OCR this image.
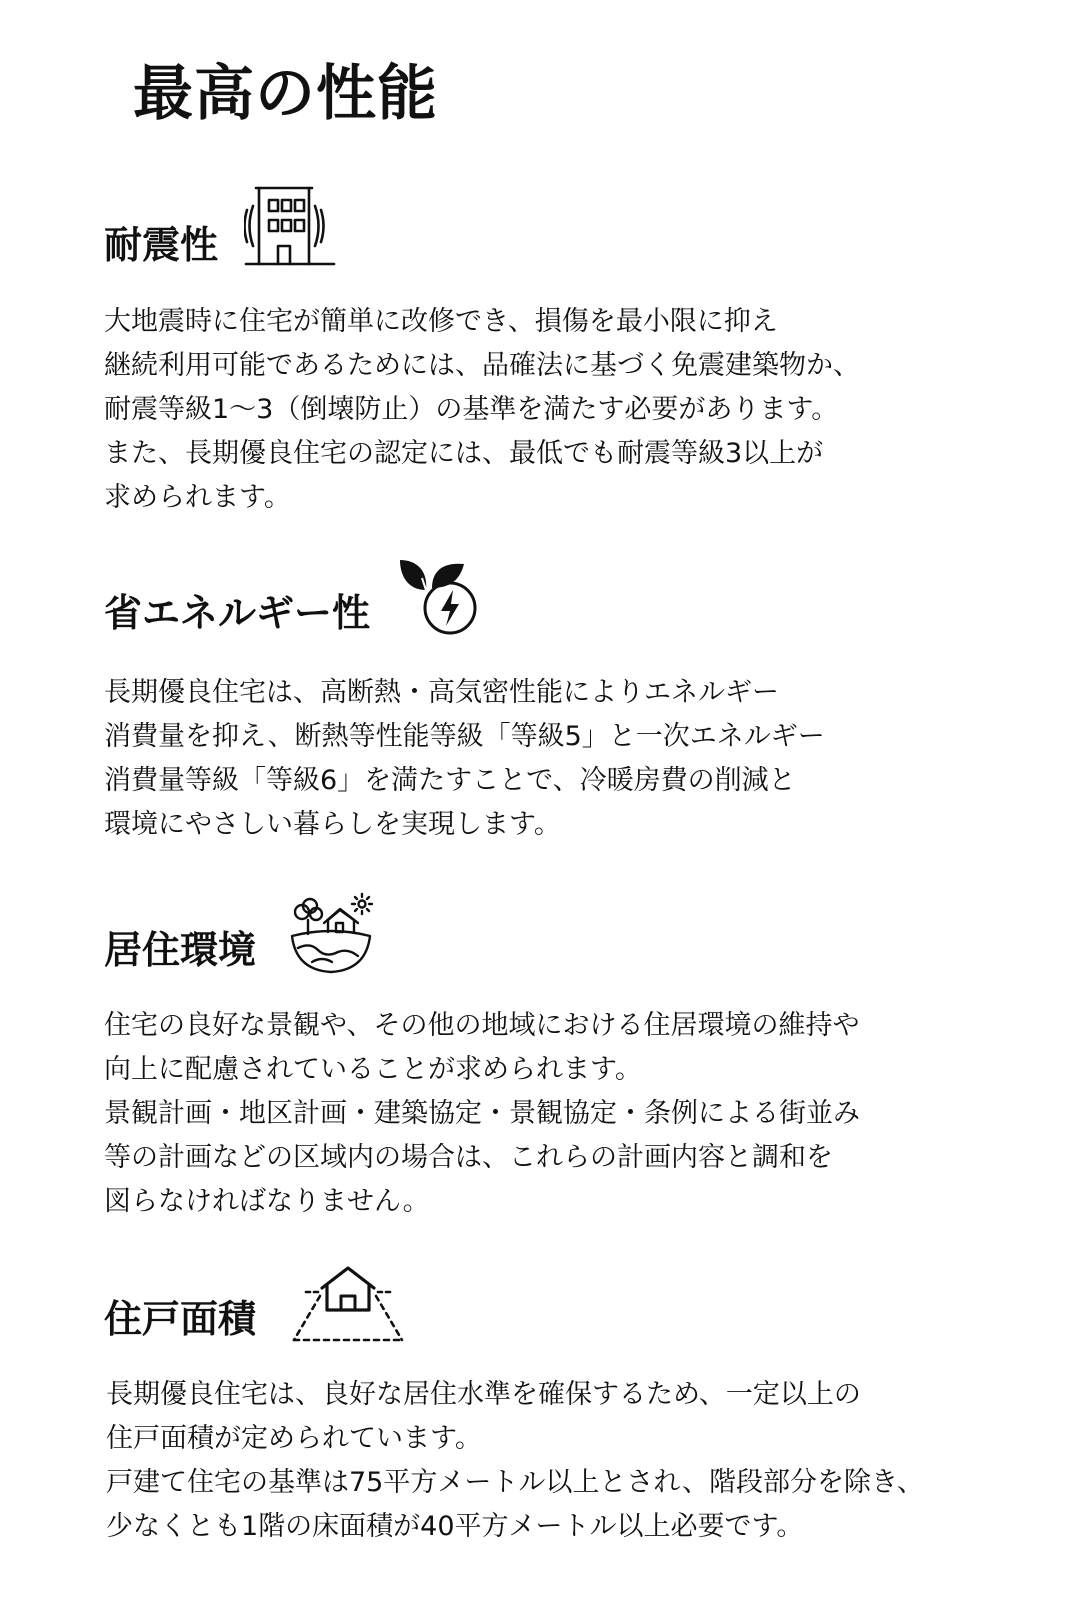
最高の性能
耐震性
大地震時に住宅が簡単に改修でき、損傷を最小限に抑え
継続利用可能であるためには、品確法に基づく免震建築物か、
耐震等級1〜3（倒壊防止）の基準を満たす必要があります。
また、長期優良住宅の認定には、最低でも耐震等級3以上が
求められます。
省エネルギー性
長期優良住宅は、高断熱・高気密性能によりエネルギー
消費量を抑え、断熱等性能等級「等級5」と一次エネルギー
消費量等級「等級6」を満たすことで、冷暖房費の削減と
環境にやさしい暮らしを実現します。
居住環境
住宅の良好な景観や、その他の地域における住居環境の維持や
向上に配慮されていることが求められます。
景観計画・地区計画・建築協定・景観協定・条例による街並み
等の計画などの区域内の場合は、これらの計画内容と調和を
図らなければなりません。
住戸面積
長期優良住宅は、良好な居住水準を確保するため、一定以上の
住戸面積が定められています。
戸建て住宅の基準は75平方メートル以上とされ、階段部分を除き、
少なくとも1階の床面積が40平方メートル以上必要です。
